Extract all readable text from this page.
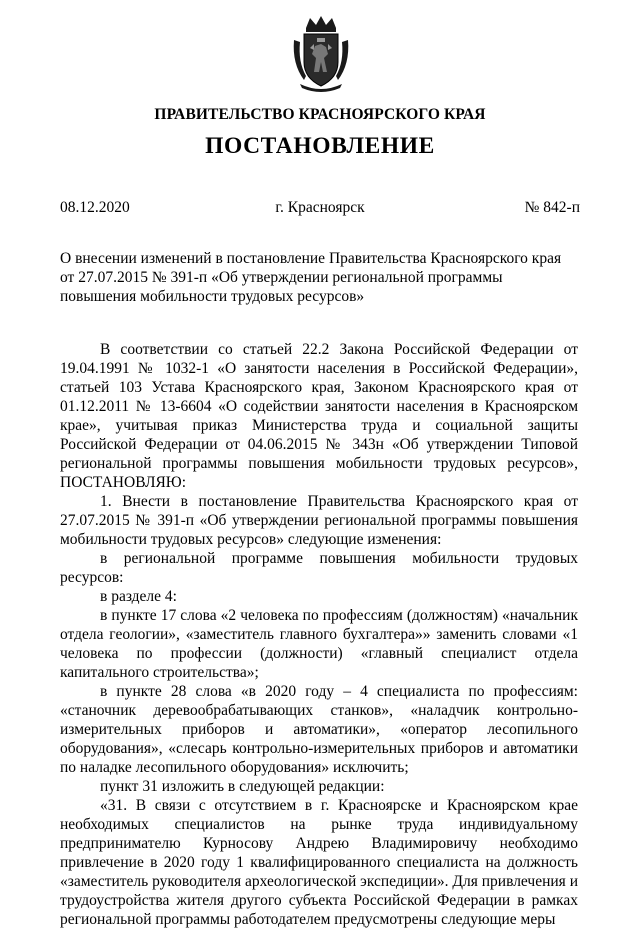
ПРАВИТЕЛЬСТВО КРАСНОЯРСКОГО КРАЯ
ПОСТАНОВЛЕНИЕ
08.12.2020	г. Красноярск	№ 842-п
О внесении изменений в постановление Правительства Красноярского края от 27.07.2015 № 391-п «Об утверждении региональной программы повышения мобильности трудовых ресурсов»

В соответствии со статьей 22.2 Закона Российской Федерации от 19.04.1991 № 1032-1 «О занятости населения в Российской Федерации», статьей 103 Устава Красноярского края, Законом Красноярского края от 01.12.2011 № 13-6604 «О содействии занятости населения в Красноярском крае», учитывая приказ Министерства труда и социальной защиты Российской Федерации от 04.06.2015 № 343н «Об утверждении Типовой региональной программы повышения мобильности трудовых ресурсов», ПОСТАНОВЛЯЮ:

1. Внести в постановление Правительства Красноярского края от 27.07.2015 № 391-п «Об утверждении региональной программы повышения мобильности трудовых ресурсов» следующие изменения:

в региональной программе повышения мобильности трудовых ресурсов:

в разделе 4:

в пункте 17 слова «2 человека по профессиям (должностям) «начальник отдела геологии», «заместитель главного бухгалтера»» заменить словами «1 человека по профессии (должности) «главный специалист отдела капитального строительства»;

в пункте 28 слова «в 2020 году – 4 специалиста по профессиям: «станочник деревообрабатывающих станков», «наладчик контрольно-измерительных приборов и автоматики», «оператор лесопильного оборудования», «слесарь контрольно-измерительных приборов и автоматики по наладке лесопильного оборудования» исключить;

пункт 31 изложить в следующей редакции:

«31. В связи с отсутствием в г. Красноярске и Красноярском крае необходимых специалистов на рынке труда индивидуальному предпринимателю Курносову Андрею Владимировичу необходимо привлечение в 2020 году 1 квалифицированного специалиста на должность «заместитель руководителя археологической экспедиции». Для привлечения и трудоустройства жителя другого субъекта Российской Федерации в рамках региональной программы работодателем предусмотрены следующие меры
